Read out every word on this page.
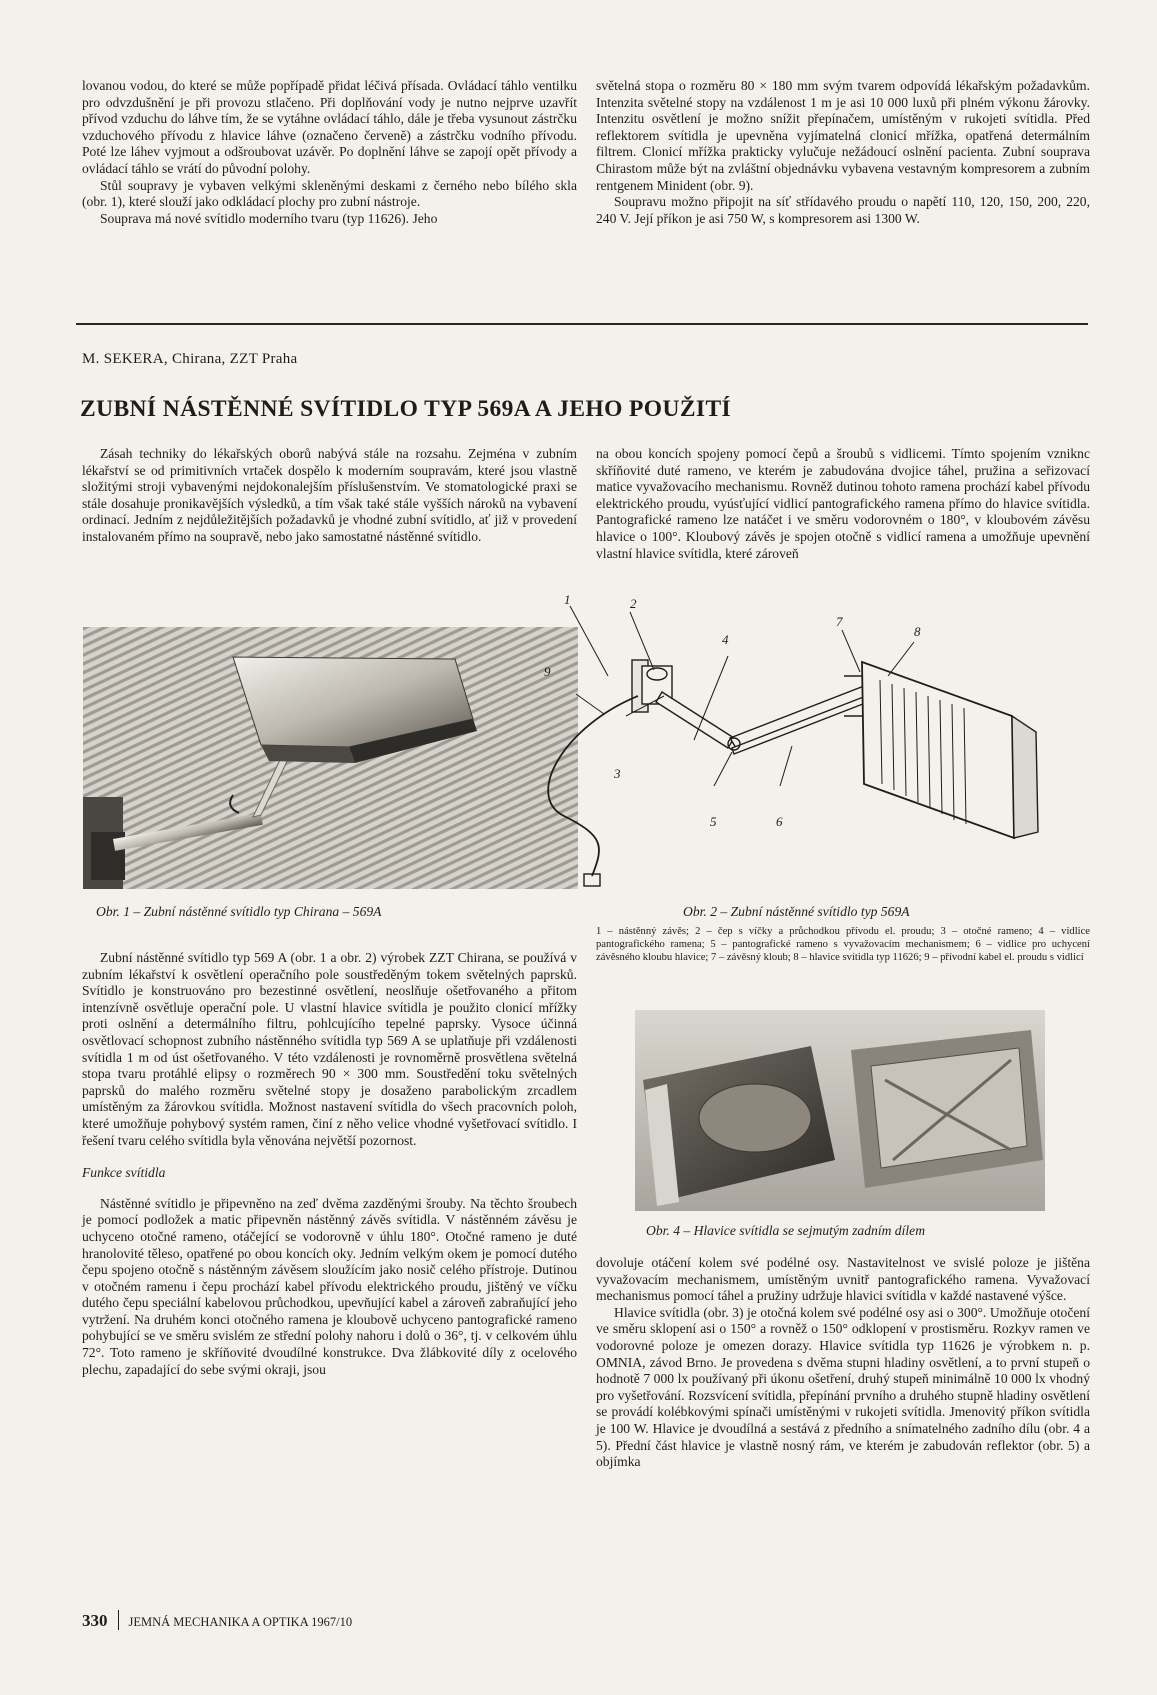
lovanou vodou, do které se může popřípadě přidat léčivá přísada. Ovládací táhlo ventilku pro odvzdušnění je při provozu stlačeno. Při doplňování vody je nutno nejprve uzavřít přívod vzduchu do láhve tím, že se vytáhne ovládací táhlo, dále je třeba vysunout zástrčku vzduchového přívodu z hlavice láhve (označeno červeně) a zástrčku vodního přívodu. Poté lze láhev vyjmout a odšroubovat uzávěr. Po doplnění láhve se zapojí opět přívody a ovládací táhlo se vrátí do původní polohy.

Stůl soupravy je vybaven velkými skleněnými deskami z černého nebo bílého skla (obr. 1), které slouží jako odkládací plochy pro zubní nástroje.

Souprava má nové svítidlo moderního tvaru (typ 11626). Jeho

světelná stopa o rozměru 80 × 180 mm svým tvarem odpovídá lékařským požadavkům. Intenzita světelné stopy na vzdálenost 1 m je asi 10 000 luxů při plném výkonu žárovky. Intenzitu osvětlení je možno snížit přepínačem, umístěným v rukojeti svítidla. Před reflektorem svítidla je upevněna vyjímatelná clonicí mřížka, opatřená determálním filtrem. Clonicí mřížka prakticky vylučuje nežádoucí oslnění pacienta. Zubní souprava Chirastom může být na zvláštní objednávku vybavena vestavným kompresorem a zubním rentgenem Minident (obr. 9).

Soupravu možno připojit na síť střídavého proudu o napětí 110, 120, 150, 200, 220, 240 V. Její příkon je asi 750 W, s kompresorem asi 1300 W.

M. SEKERA, Chirana, ZZT Praha
ZUBNÍ NÁSTĚNNÉ SVÍTIDLO TYP 569A A JEHO POUŽITÍ

Zásah techniky do lékařských oborů nabývá stále na rozsahu. Zejména v zubním lékařství se od primitivních vrtaček dospělo k moderním soupravám, které jsou vlastně složitými stroji vybavenými nejdokonalejším příslušenstvím. Ve stomatologické praxi se stále dosahuje pronikavějších výsledků, a tím však také stále vyšších nároků na vybavení ordinací. Jedním z nejdůležitějších požadavků je vhodné zubní svítidlo, ať již v provedení instalovaném přímo na soupravě, nebo jako samostatné nástěnné svítidlo.

na obou koncích spojeny pomocí čepů a šroubů s vidlicemi. Tímto spojením vzniknc skříňovité duté rameno, ve kterém je zabudována dvojice táhel, pružina a seřizovací matice vyvažovacího mechanismu. Rovněž dutinou tohoto ramena prochází kabel přívodu elektrického proudu, vyúsťující vidlicí pantografického ramena přímo do hlavice svítidla. Pantografické rameno lze natáčet i ve směru vodorovném o 180°, v kloubovém závěsu hlavice o 100°. Kloubový závěs je spojen otočně s vidlicí ramena a umožňuje upevnění vlastní hlavice svítidla, které zároveň

1	2
3
4
5	6
7
8
9
Obr. 1 – Zubní nástěnné svítidlo typ Chirana – 569A	Obr. 2 – Zubní nástěnné svítidlo typ 569A
1 – nástěnný závěs; 2 – čep s víčky a průchodkou přívodu el. proudu; 3 – otočné rameno; 4 – vidlice pantografického ramena; 5 – pantografické rameno s vyvažovacím mechanismem; 6 – vidlice pro uchycení závěsného kloubu hlavice; 7 – závěsný kloub; 8 – hlavice svítidla typ 11626; 9 – přívodní kabel el. proudu s vidlicí
Obr. 4 – Hlavice svítidla se sejmutým zadním dílem

Zubní nástěnné svítidlo typ 569 A (obr. 1 a obr. 2) výrobek ZZT Chirana, se používá v zubním lékařství k osvětlení operačního pole soustředěným tokem světelných paprsků. Svítidlo je konstruováno pro bezestinné osvětlení, neoslňuje ošetřovaného a přitom intenzívně osvětluje operační pole. U vlastní hlavice svítidla je použito clonicí mřížky proti oslnění a determálního filtru, pohlcujícího tepelné paprsky. Vysoce účinná osvětlovací schopnost zubního nástěnného svítidla typ 569 A se uplatňuje při vzdálenosti svítidla 1 m od úst ošetřovaného. V této vzdálenosti je rovnoměrně prosvětlena světelná stopa tvaru protáhlé elipsy o rozměrech 90 × 300 mm. Soustředění toku světelných paprsků do malého rozměru světelné stopy je dosaženo parabolickým zrcadlem umístěným za žárovkou svítidla. Možnost nastavení svítidla do všech pracovních poloh, které umožňuje pohybový systém ramen, činí z něho velice vhodné vyšetřovací svítidlo. I řešení tvaru celého svítidla byla věnována největší pozornost.

Funkce svítidla

Nástěnné svítidlo je připevněno na zeď dvěma zazděnými šrouby. Na těchto šroubech je pomocí podložek a matic připevněn nástěnný závěs svítidla. V nástěnném závěsu je uchyceno otočné rameno, otáčející se vodorovně v úhlu 180°. Otočné rameno je duté hranolovité těleso, opatřené po obou koncích oky. Jedním velkým okem je pomocí dutého čepu spojeno otočně s nástěnným závěsem sloužícím jako nosič celého přístroje. Dutinou v otočném ramenu i čepu prochází kabel přívodu elektrického proudu, jištěný ve víčku dutého čepu speciální kabelovou průchodkou, upevňující kabel a zároveň zabraňující jeho vytržení. Na druhém konci otočného ramena je kloubově uchyceno pantografické rameno pohybující se ve směru svislém ze střední polohy nahoru i dolů o 36°, tj. v celkovém úhlu 72°. Toto rameno je skříňovité dvoudílné konstrukce. Dva žlábkovité díly z ocelového plechu, zapadající do sebe svými okraji, jsou

dovoluje otáčení kolem své podélné osy. Nastavitelnost ve svislé poloze je jištěna vyvažovacím mechanismem, umístěným uvnitř pantografického ramena. Vyvažovací mechanismus pomocí táhel a pružiny udržuje hlavici svítidla v každé nastavené výšce.

Hlavice svítidla (obr. 3) je otočná kolem své podélné osy asi o 300°. Umožňuje otočení ve směru sklopení asi o 150° a rovněž o 150° odklopení v prostisměru. Rozkyv ramen ve vodorovné poloze je omezen dorazy. Hlavice svítidla typ 11626 je výrobkem n. p. OMNIA, závod Brno. Je provedena s dvěma stupni hladiny osvětlení, a to první stupeň o hodnotě 7 000 lx používaný při úkonu ošetření, druhý stupeň minimálně 10 000 lx vhodný pro vyšetřování. Rozsvícení svítidla, přepínání prvního a druhého stupně hladiny osvětlení se provádí kolébkovými spínači umístěnými v rukojeti svítidla. Jmenovitý příkon svítidla je 100 W. Hlavice je dvoudílná a sestává z předního a snímatelného zadního dílu (obr. 4 a 5). Přední část hlavice je vlastně nosný rám, ve kterém je zabudován reflektor (obr. 5) a objímka

330 JEMNÁ MECHANIKA A OPTIKA 1967/10
